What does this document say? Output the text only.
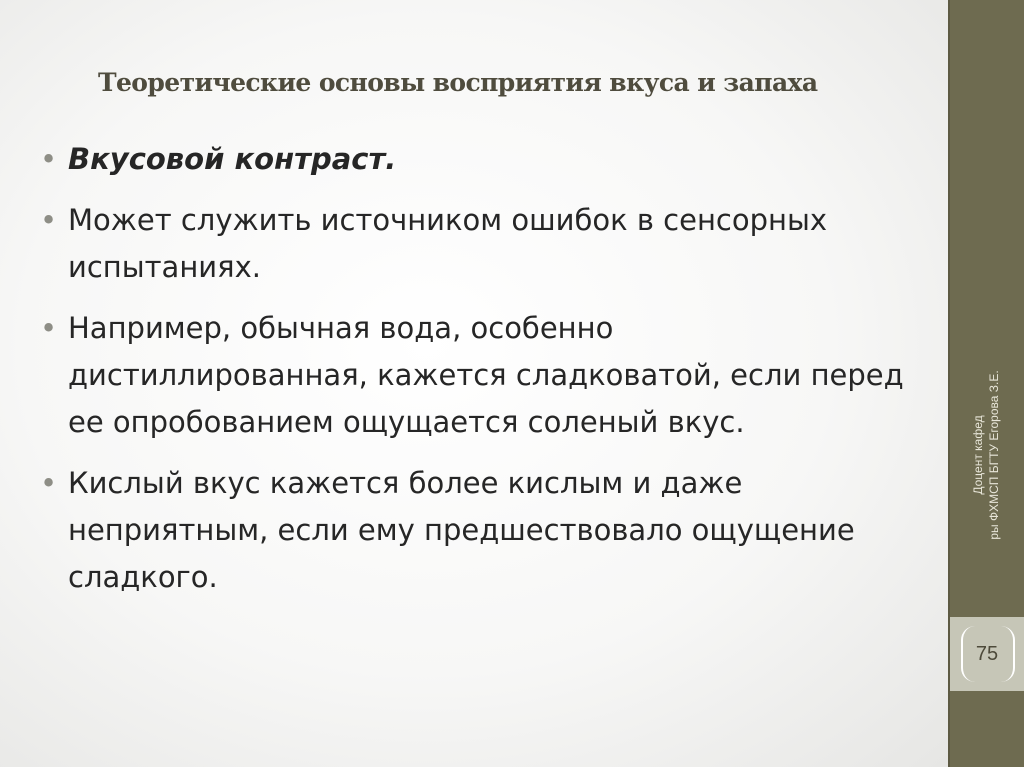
Теоретические основы восприятия вкуса и запаха
• Вкусовой контраст.
• Может служить источником ошибок в сенсорных испытаниях.
• Например, обычная вода, особенно дистиллированная, кажется сладковатой, если перед ее опробованием ощущается соленый вкус.
• Кислый вкус кажется более кислым и даже неприятным, если ему предшествовало ощущение сладкого.
Доцент кафед ры ФХМСП БГТУ Егорова З.Е.
75
